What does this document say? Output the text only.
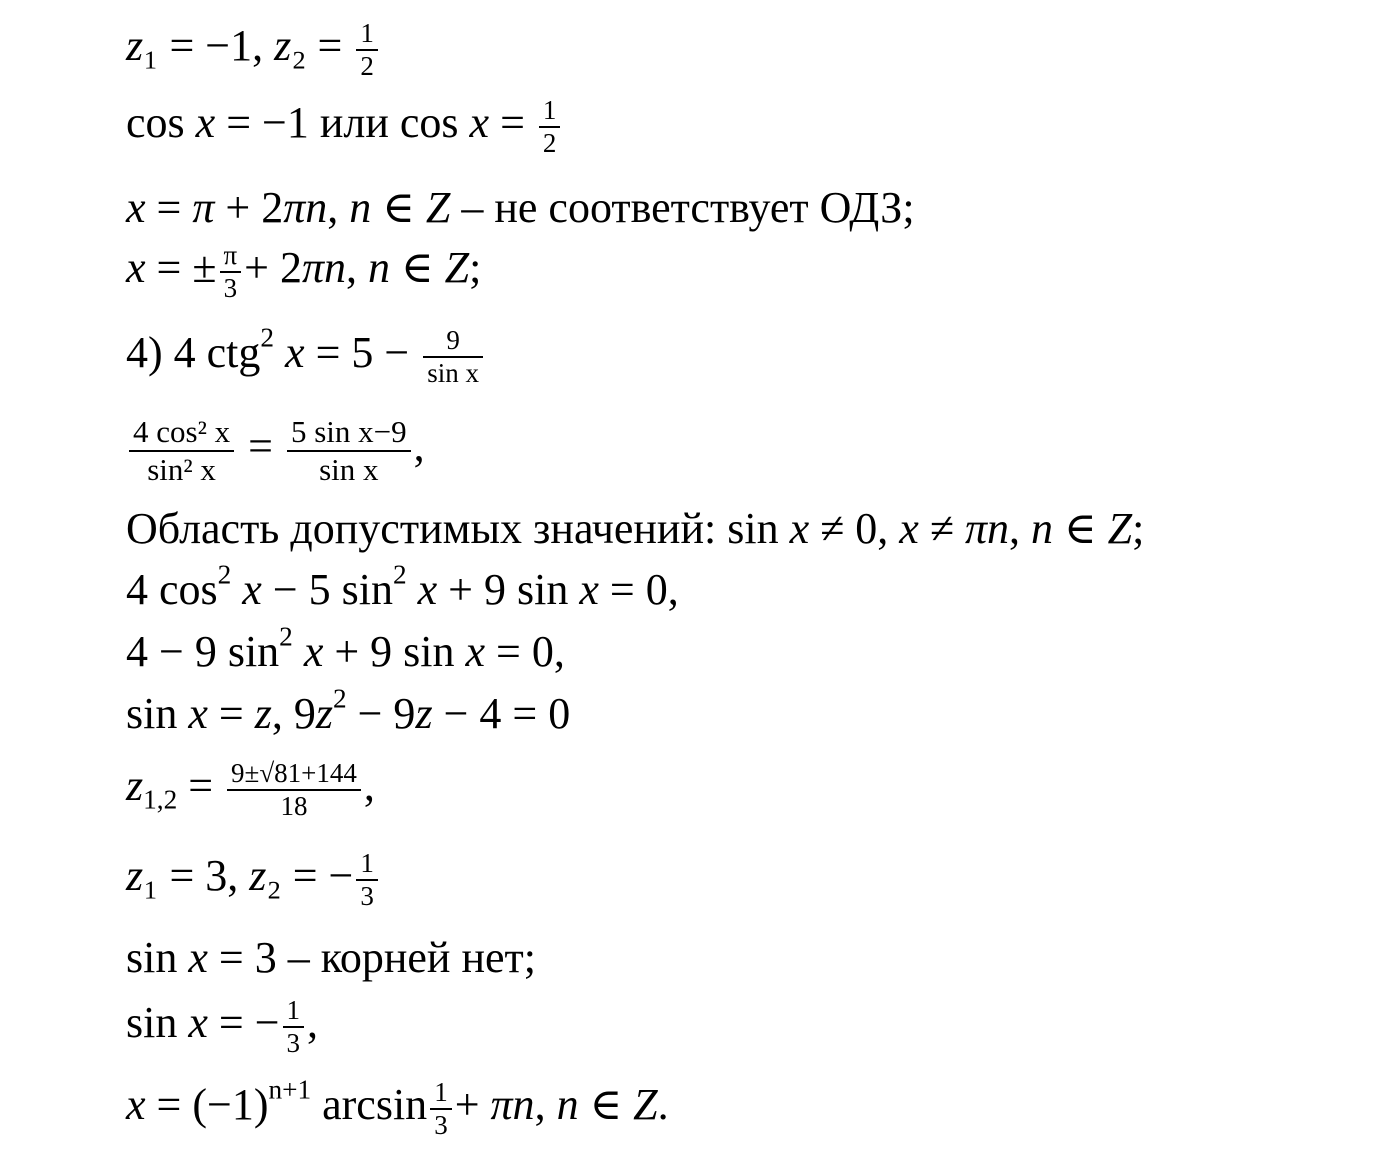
z₁ = −1, $z_2 = \frac{1}{2}$
cos x = −1 или $\cos x = \frac{1}{2}$
x = π + 2πn, n ∈ Z – не соответствует ОДЗ;
x = ± $\frac{\pi}{3} + 2\pi n$, n ∈ Z;
4) 4 ctg$^2$ $x = 5 - \frac{9}{\text{sin x}}$
$\frac{\text{4 cos² x}}{\text{sin² x}} = \frac{\text{5 sin x−9}}{\text{sin x}}$ ,
Область допустимых значений: sin x ≠ 0, x ≠ πn, n ∈ Z;
4 $\cos^2 x - 5$ $\sin^2 x + 9$ sin x = 0,
4 − 9 $\sin^2 x + 9$ sin x = 0,
sin x = z, $9z^2 - 9z - 4 = 0$
$z_{1,2} = \frac{9\pm√81+144}{18}$ ,
z₁ = 3, z₂ = − $\frac{1}{3}$
sin x = 3 – корней нет;
sin x = − $\frac{1}{3}$ ,
$x = (-1)^{n+1}$ $\arcsin \frac{1}{3} + \pi n$, n ∈ Z.
